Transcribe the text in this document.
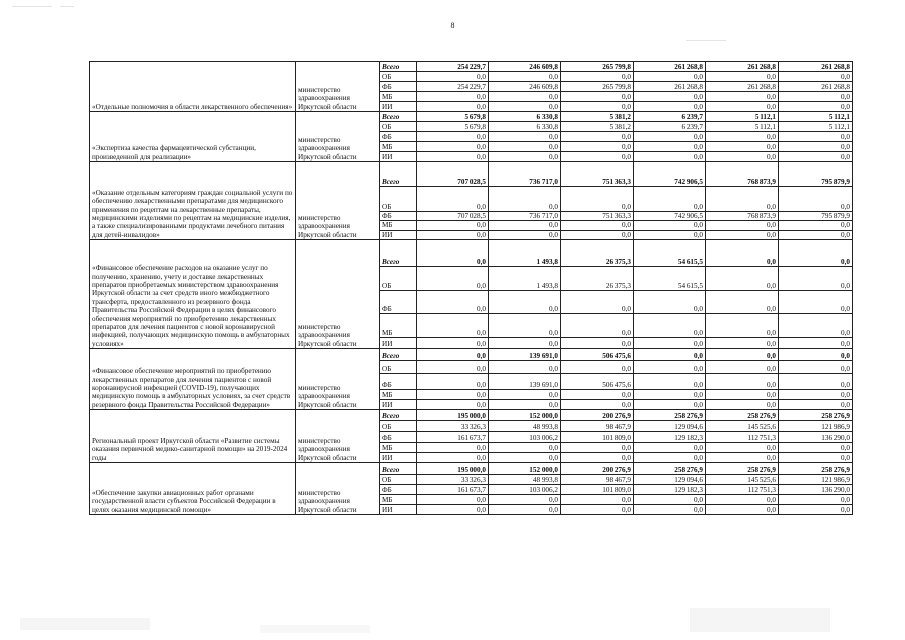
8
«Отдельные полномочия в области лекарственного обеспечения»	министерство здравоохранения Иркутской области	Всего	254 229,7	246 609,8	265 799,8	261 268,8	261 268,8	261 268,8
		ОБ	0,0	0,0	0,0	0,0	0,0	0,0
		ФБ	254 229,7	246 609,8	265 799,8	261 268,8	261 268,8	261 268,8
		МБ	0,0	0,0	0,0	0,0	0,0	0,0
		ИИ	0,0	0,0	0,0	0,0	0,0	0,0
«Экспертиза качества фармацевтической субстанции, произведенной для реализации»	министерство здравоохранения Иркутской области	Всего	5 679,8	6 330,8	5 381,2	6 239,7	5 112,1	5 112,1
		ОБ	5 679,8	6 330,8	5 381,2	6 239,7	5 112,1	5 112,1
		ФБ	0,0	0,0	0,0	0,0	0,0	0,0
		МБ	0,0	0,0	0,0	0,0	0,0	0,0
		ИИ	0,0	0,0	0,0	0,0	0,0	0,0
«Оказание отдельным категориям граждан социальной услуги по обеспечению лекарственными препаратами для медицинского применения по рецептам на лекарственные препараты, медицинскими изделиями по рецептам на медицинские изделия, а также специализированными продуктами лечебного питания для детей-инвалидов»	министерство здравоохранения Иркутской области	Всего	707 028,5	736 717,0	751 363,3	742 906,5	768 873,9	795 879,9
		ОБ	0,0	0,0	0,0	0,0	0,0	0,0
		ФБ	707 028,5	736 717,0	751 363,3	742 906,5	768 873,9	795 879,9
		МБ	0,0	0,0	0,0	0,0	0,0	0,0
		ИИ	0,0	0,0	0,0	0,0	0,0	0,0
«Финансовое обеспечение расходов на оказание услуг по получению, хранению, учету и доставке лекарственных препаратов приобретаемых министерством здравоохранения Иркутской области за счет средств иного межбюджетного трансферта, предоставленного из резервного фонда Правительства Российской Федерации в целях финансового обеспечения мероприятий по приобретению лекарственных препаратов для лечения пациентов с новой коронавирусной инфекцией, получающих медицинскую помощь в амбулаторных условиях»	министерство здравоохранения Иркутской области	Всего	0,0	1 493,8	26 375,3	54 615,5	0,0	0,0
		ОБ	0,0	1 493,8	26 375,3	54 615,5	0,0	0,0
		ФБ	0,0	0,0	0,0	0,0	0,0	0,0
		МБ	0,0	0,0	0,0	0,0	0,0	0,0
		ИИ	0,0	0,0	0,0	0,0	0,0	0,0
«Финансовое обеспечение мероприятий по приобретению лекарственных препаратов для лечения пациентов с новой коронавирусной инфекцией (COVID-19), получающих медицинскую помощь в амбулаторных условиях, за счет средств резервного фонда Правительства Российской Федерации»	министерство здравоохранения Иркутской области	Всего	0,0	139 691,0	506 475,6	0,0	0,0	0,0
		ОБ	0,0	0,0	0,0	0,0	0,0	0,0
		ФБ	0,0	139 691,0	506 475,6	0,0	0,0	0,0
		МБ	0,0	0,0	0,0	0,0	0,0	0,0
		ИИ	0,0	0,0	0,0	0,0	0,0	0,0
Региональный проект Иркутской области «Развитие системы оказания первичной медико-санитарной помощи» на 2019-2024 годы	министерство здравоохранения Иркутской области	Всего	195 000,0	152 000,0	200 276,9	258 276,9	258 276,9	258 276,9
		ОБ	33 326,3	48 993,8	98 467,9	129 094,6	145 525,6	121 986,9
		ФБ	161 673,7	103 006,2	101 809,0	129 182,3	112 751,3	136 290,0
		МБ	0,0	0,0	0,0	0,0	0,0	0,0
		ИИ	0,0	0,0	0,0	0,0	0,0	0,0
«Обеспечение закупки авиационных работ органами государственной власти субъектов Российской Федерации в целях оказания медицинской помощи»	министерство здравоохранения Иркутской области	Всего	195 000,0	152 000,0	200 276,9	258 276,9	258 276,9	258 276,9
		ОБ	33 326,3	48 993,8	98 467,9	129 094,6	145 525,6	121 986,9
		ФБ	161 673,7	103 006,2	101 809,0	129 182,3	112 751,3	136 290,0
		МБ	0,0	0,0	0,0	0,0	0,0	0,0
		ИИ	0,0	0,0	0,0	0,0	0,0	0,0
